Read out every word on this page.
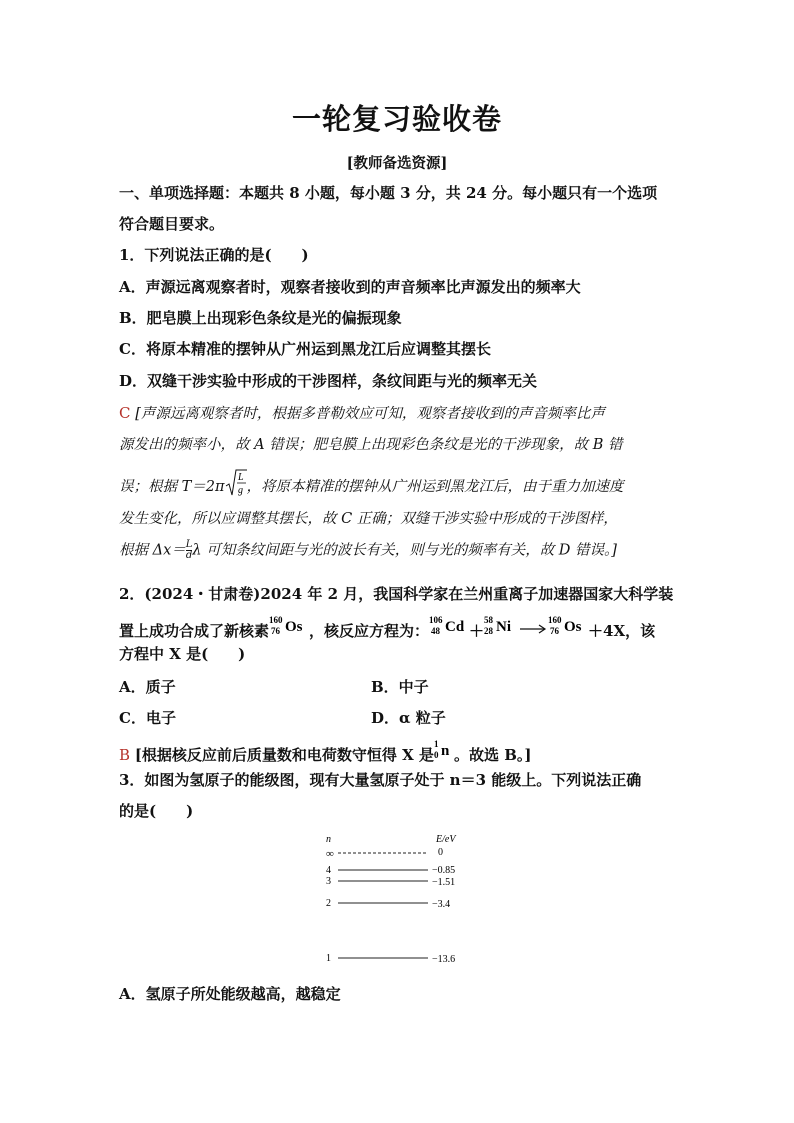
一轮复习验收卷
[教师备选资源]
一、单项选择题：本题共 8 小题，每小题 3 分，共 24 分。每小题只有一个选项
符合题目要求。
1．下列说法正确的是(　　)
A．声源远离观察者时，观察者接收到的声音频率比声源发出的频率大
B．肥皂膜上出现彩色条纹是光的偏振现象
C．将原本精准的摆钟从广州运到黑龙江后应调整其摆长
D．双缝干涉实验中形成的干涉图样，条纹间距与光的频率无关
C [声源远离观察者时，根据多普勒效应可知，观察者接收到的声音频率比声
源发出的频率小，故 A 错误；肥皂膜上出现彩色条纹是光的干涉现象，故 B 错
误；根据 T＝2π
L
g ，将原本精准的摆钟从广州运到黑龙江后，由于重力加速度
发生变化，所以应调整其摆长，故 C 正确；双缝干涉实验中形成的干涉图样，
根据 $\Delta x= \frac{L}{d}$ λ 可知条纹间距与光的波长有关，则与光的频率有关，故 D 错误。]
2．(2024・甘肃卷)2024 年 2 月，我国科学家在兰州重离子加速器国家大科学装
置上成功合成了新核素
160
76 Os ，核反应方程为：
106
48 Cd ＋
58
28 Ni →
160
76 Os ＋4X，该
方程中 X 是(　　)
A．质子	B．中子
C．电子	D．α 粒子
B [根据核反应前后质量数和电荷数守恒得 X 是
1
0 n 。故选 B。]
3．如图为氢原子的能级图，现有大量氢原子处于 n＝3 能级上。下列说法正确
的是(　　)
n	E/eV
∞	0
4	−0.85
3	−1.51
2	−3.4
1	−13.6
A．氢原子所处能级越高，越稳定
